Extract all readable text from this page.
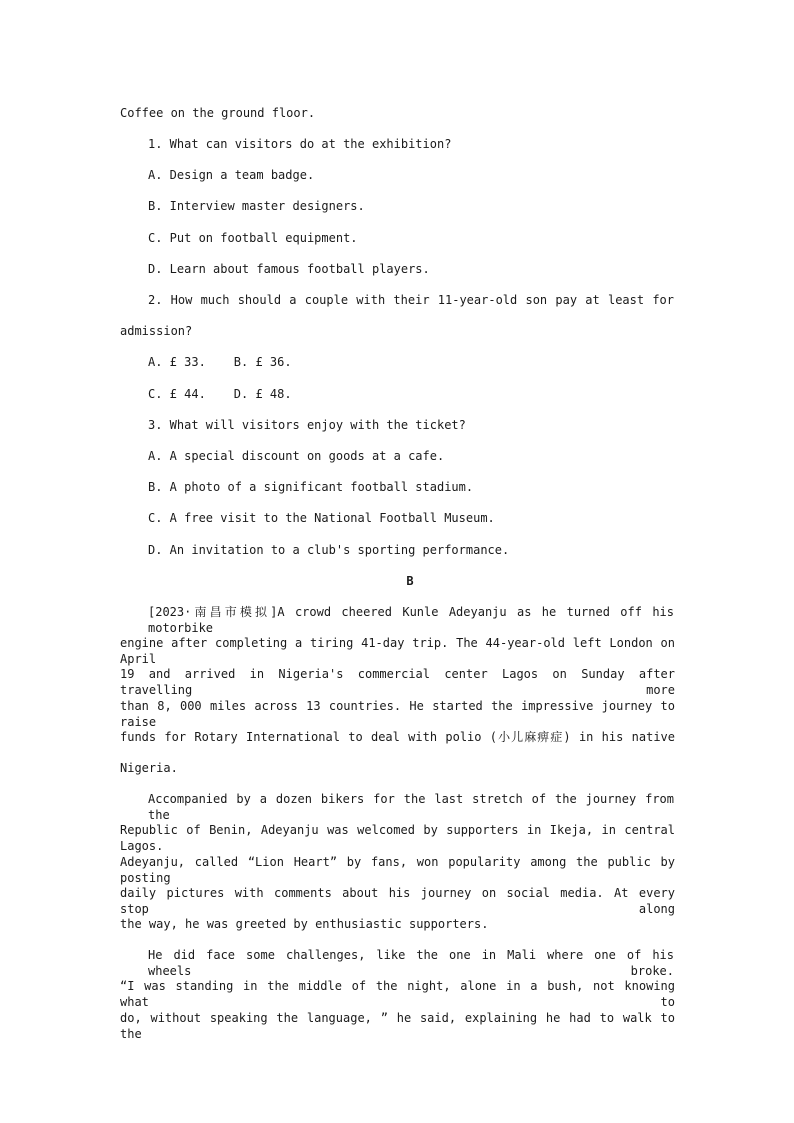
Coffee on the ground floor.
1. What can visitors do at the exhibition?
A. Design a team badge.
B. Interview master designers.
C. Put on football equipment.
D. Learn about famous football players.
2. How much should a couple with their 11-year-old son pay at least for
admission?
A. £ 33. B. £ 36.
C. £ 44. D. £ 48.
3. What will visitors enjoy with the ticket?
A. A special discount on goods at a cafe.
B. A photo of a significant football stadium.
C. A free visit to the National Football Museum.
D. An invitation to a club's sporting performance.
B
[2023·南昌市模拟]A crowd cheered Kunle Adeyanju as he turned off his motorbike
engine after completing a tiring 41-day trip. The 44-year-old left London on April
19 and arrived in Nigeria's commercial center Lagos on Sunday after travelling more
than 8, 000 miles across 13 countries. He started the impressive journey to raise
funds for Rotary International to deal with polio (小儿麻痹症) in his native
Nigeria.
Accompanied by a dozen bikers for the last stretch of the journey from the
Republic of Benin, Adeyanju was welcomed by supporters in Ikeja, in central Lagos.
Adeyanju, called “Lion Heart” by fans, won popularity among the public by posting
daily pictures with comments about his journey on social media. At every stop along
the way, he was greeted by enthusiastic supporters.
He did face some challenges, like the one in Mali where one of his wheels broke.
“I was standing in the middle of the night, alone in a bush, not knowing what to
do, without speaking the language, ” he said, explaining he had to walk to the
